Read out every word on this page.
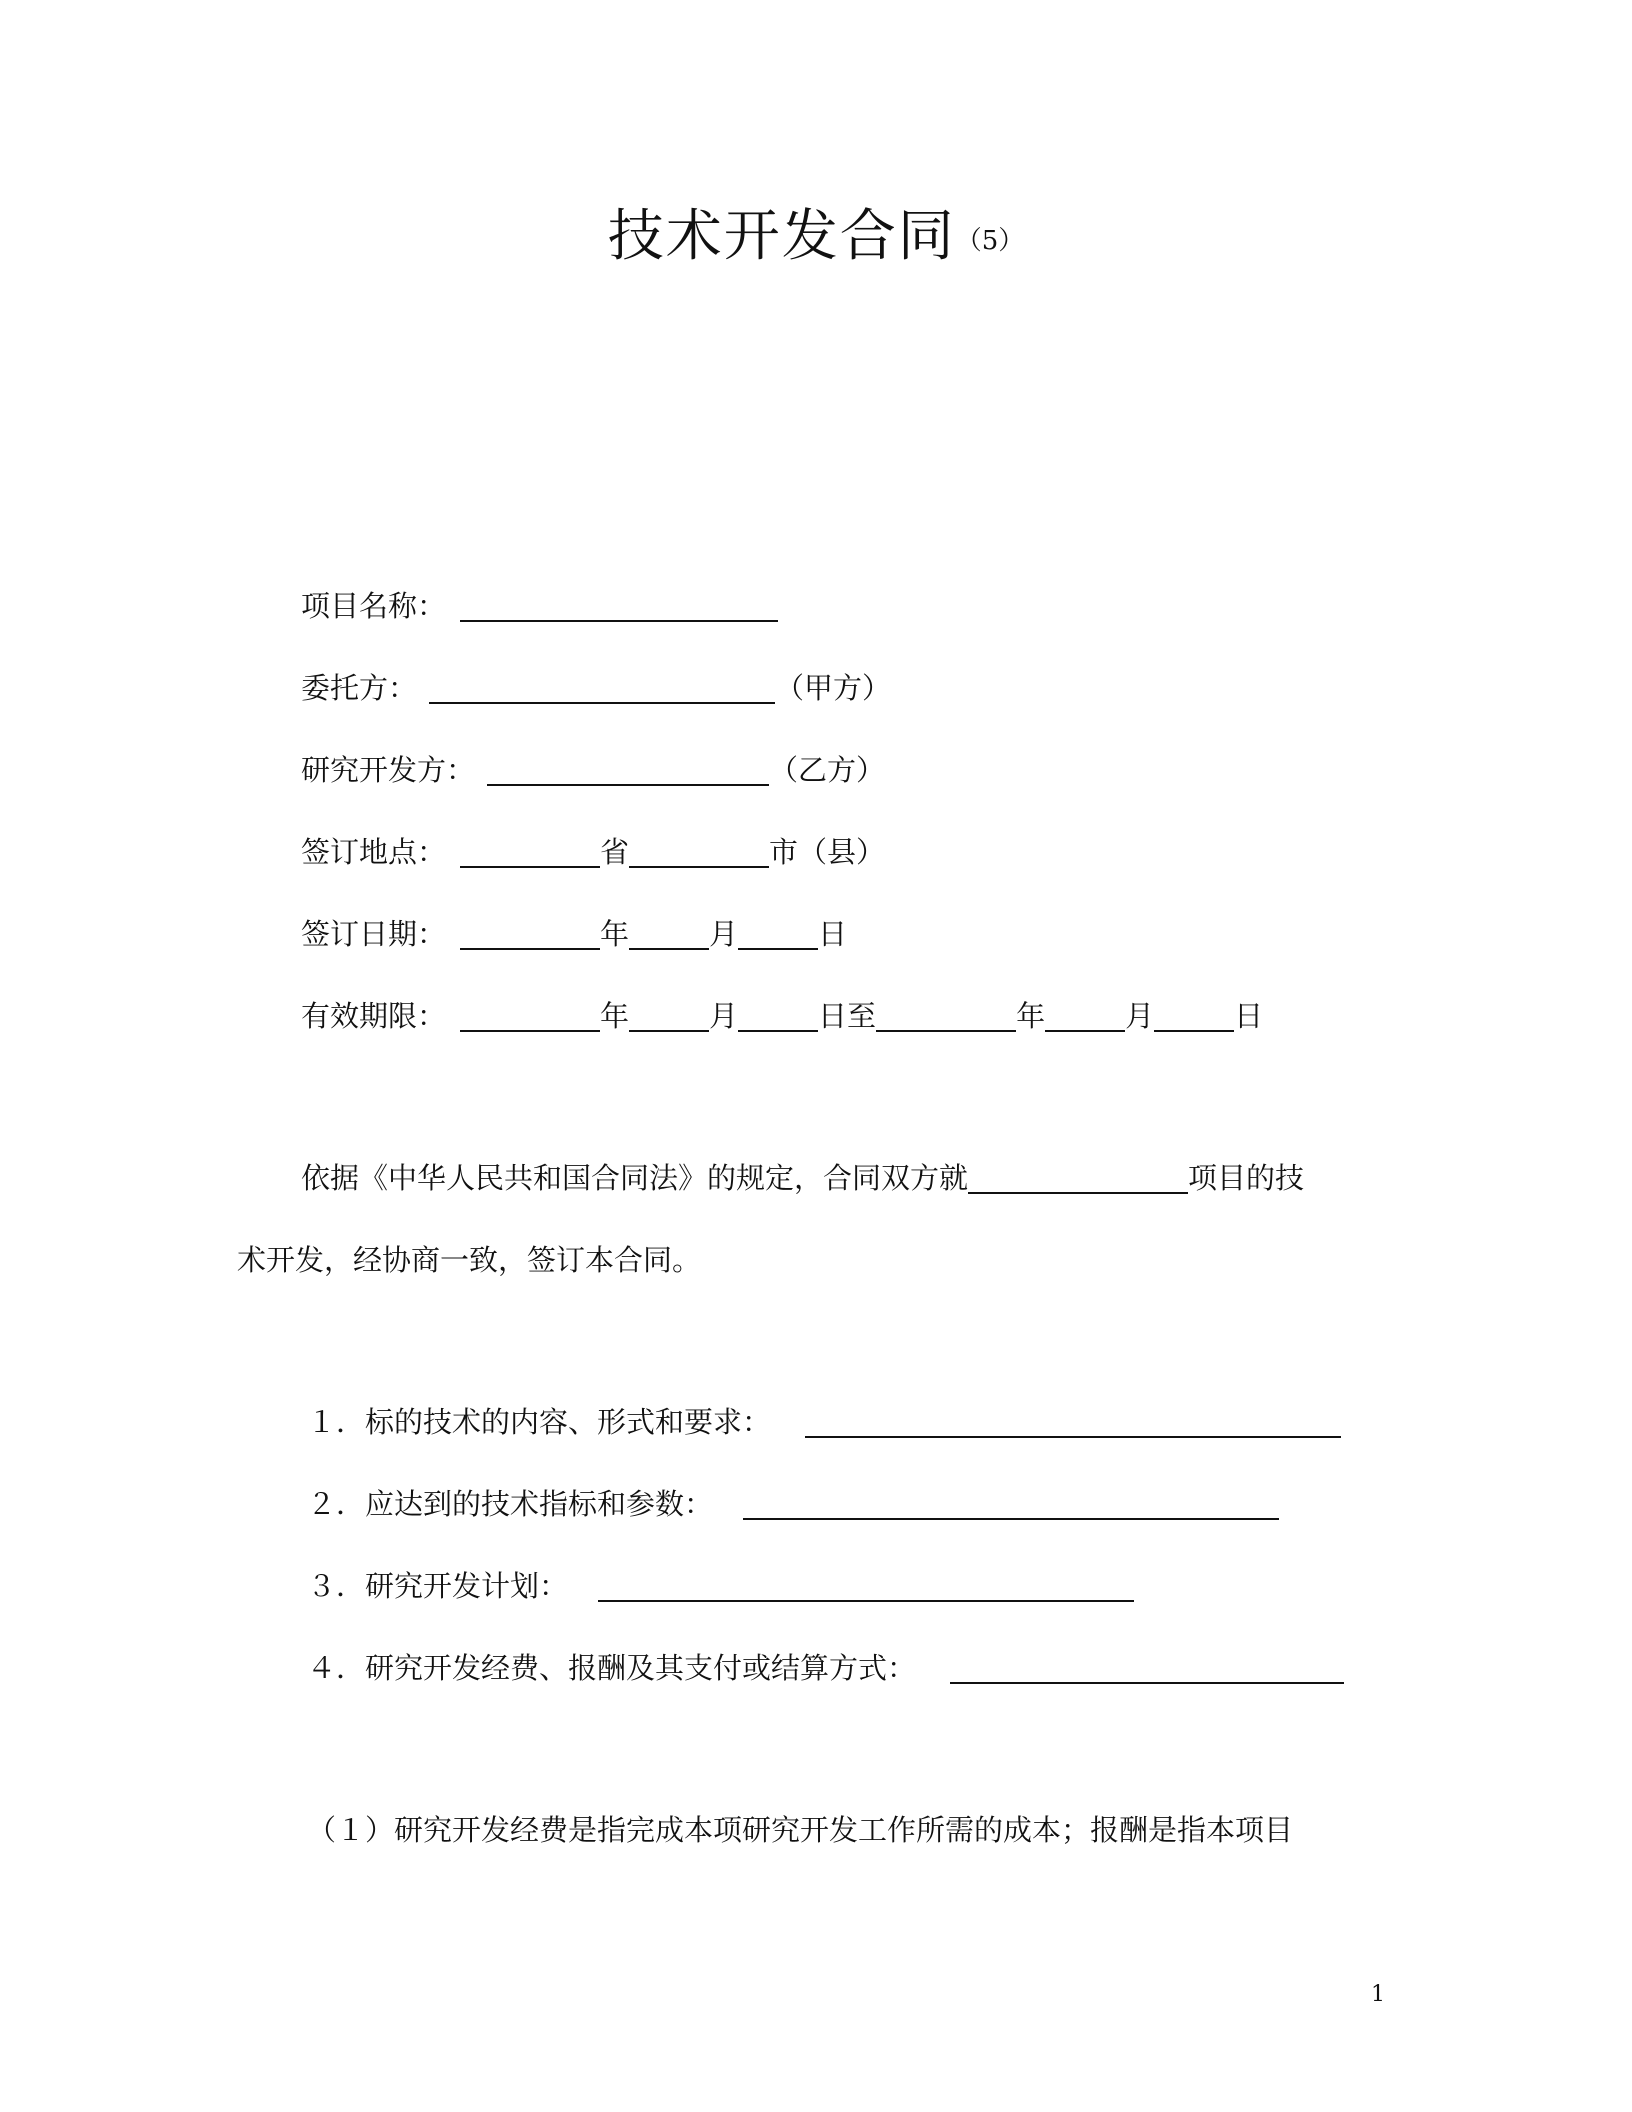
技术开发合同（5）
项目名称：
委托方：	（甲方）
研究开发方：	（乙方）
签订地点：	省	市（县）
签订日期：	年	月	日
有效期限：	年	月	日至	年	月	日
依据《中华人民共和国合同法》的规定，合同双方就	项目的技
术开发，经协商一致，签订本合同。
１．标的技术的内容、形式和要求：
２．应达到的技术指标和参数：
３．研究开发计划：
４．研究开发经费、报酬及其支付或结算方式：
（１）研究开发经费是指完成本项研究开发工作所需的成本；报酬是指本项目
1
